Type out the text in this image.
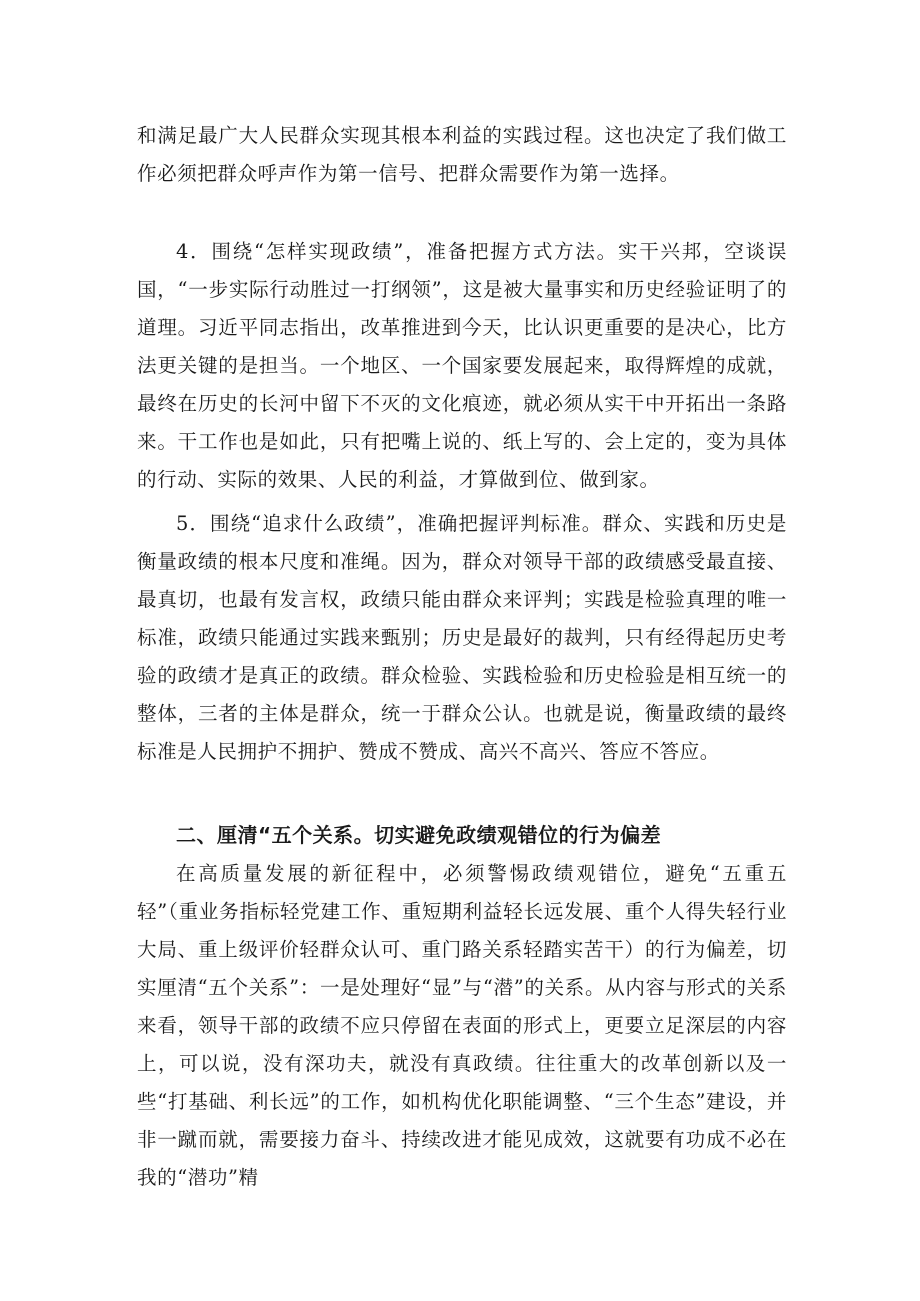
和满足最广大人民群众实现其根本利益的实践过程。这也决定了我们做工作必须把群众呼声作为第一信号、把群众需要作为第一选择。

4．围绕“怎样实现政绩”，准备把握方式方法。实干兴邦，空谈误国，“一步实际行动胜过一打纲领”，这是被大量事实和历史经验证明了的道理。习近平同志指出，改革推进到今天，比认识更重要的是决心，比方法更关键的是担当。一个地区、一个国家要发展起来，取得辉煌的成就，最终在历史的长河中留下不灭的文化痕迹，就必须从实干中开拓出一条路来。干工作也是如此，只有把嘴上说的、纸上写的、会上定的，变为具体的行动、实际的效果、人民的利益，才算做到位、做到家。

5．围绕“追求什么政绩”，准确把握评判标准。群众、实践和历史是衡量政绩的根本尺度和准绳。因为，群众对领导干部的政绩感受最直接、最真切，也最有发言权，政绩只能由群众来评判；实践是检验真理的唯一标准，政绩只能通过实践来甄别；历史是最好的裁判，只有经得起历史考验的政绩才是真正的政绩。群众检验、实践检验和历史检验是相互统一的整体，三者的主体是群众，统一于群众公认。也就是说，衡量政绩的最终标准是人民拥护不拥护、赞成不赞成、高兴不高兴、答应不答应。

二、厘清“五个关系。切实避免政绩观错位的行为偏差

在高质量发展的新征程中，必须警惕政绩观错位，避免“五重五轻”（重业务指标轻党建工作、重短期利益轻长远发展、重个人得失轻行业大局、重上级评价轻群众认可、重门路关系轻踏实苦干）的行为偏差，切实厘清“五个关系”：一是处理好“显”与“潜”的关系。从内容与形式的关系来看，领导干部的政绩不应只停留在表面的形式上，更要立足深层的内容上，可以说，没有深功夫，就没有真政绩。往往重大的改革创新以及一些“打基础、利长远”的工作，如机构优化职能调整、“三个生态”建设，并非一蹴而就，需要接力奋斗、持续改进才能见成效，这就要有功成不必在我的“潜功”精
